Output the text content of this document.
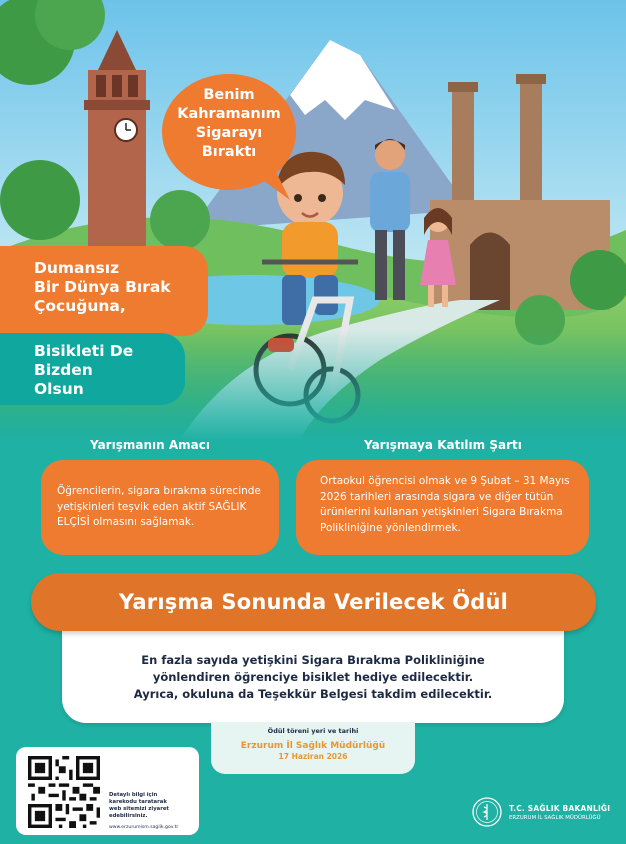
Benim
Kahramanım
Sigarayı
Bıraktı
Dumansız
Bir Dünya Bırak
Çocuğuna,
Bisikleti De
Bizden
Olsun
Yarışmanın Amacı	Yarışmaya Katılım Şartı
Öğrencilerin, sigara bırakma sürecinde yetişkinleri teşvik eden aktif SAĞLIK ELÇİSİ olmasını sağlamak.
Ortaokul öğrencisi olmak ve 9 Şubat – 31 Mayıs 2026 tarihleri arasında sigara ve diğer tütün ürünlerini kullanan yetişkinleri Sigara Bırakma Polikliniğine yönlendirmek.

En fazla sayıda yetişkini Sigara Bırakma Polikliniğine

yönlendiren öğrenciye bisiklet hediye edilecektir.

Ayrıca, okuluna da Teşekkür Belgesi takdim edilecektir.

Yarışma Sonunda Verilecek Ödül
Ödül töreni yeri ve tarihi
Erzurum İl Sağlık Müdürlüğü
17 Haziran 2026
Detaylı bilgi için
karekodu taratarak
web sitemizi ziyaret
edebilirsiniz.
www.erzurumism.saglik.gov.tr
T.C. SAĞLIK BAKANLIĞI
ERZURUM İL SAĞLIK MÜDÜRLÜĞÜ
